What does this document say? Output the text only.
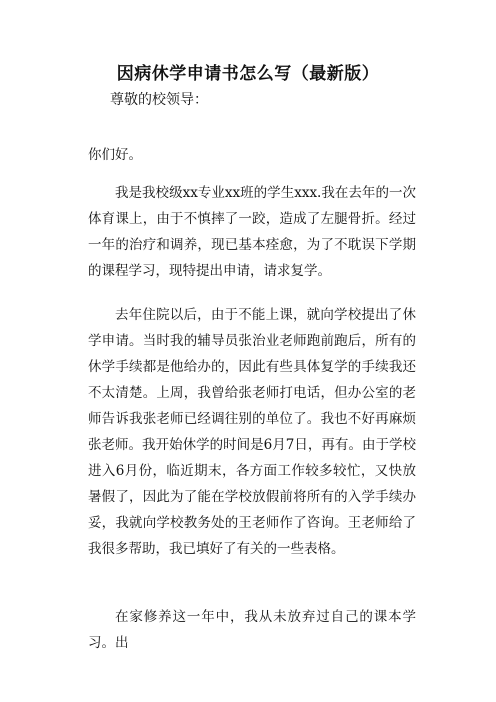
因病休学申请书怎么写（最新版）

尊敬的校领导：

你们好。

我是我校级xx专业xx班的学生xxx.我在去年的一次体育课上，由于不慎摔了一跤，造成了左腿骨折。经过一年的治疗和调养，现已基本痊愈，为了不耽误下学期的课程学习，现特提出申请，请求复学。

去年住院以后，由于不能上课，就向学校提出了休学申请。当时我的辅导员张治业老师跑前跑后，所有的休学手续都是他给办的，因此有些具体复学的手续我还不太清楚。上周，我曾给张老师打电话，但办公室的老师告诉我张老师已经调往别的单位了。我也不好再麻烦张老师。我开始休学的时间是6月7日，再有。由于学校进入6月份，临近期末，各方面工作较多较忙，又快放暑假了，因此为了能在学校放假前将所有的入学手续办妥，我就向学校教务处的王老师作了咨询。王老师给了我很多帮助，我已填好了有关的一些表格。

在家修养这一年中，我从未放弃过自己的课本学习。出
